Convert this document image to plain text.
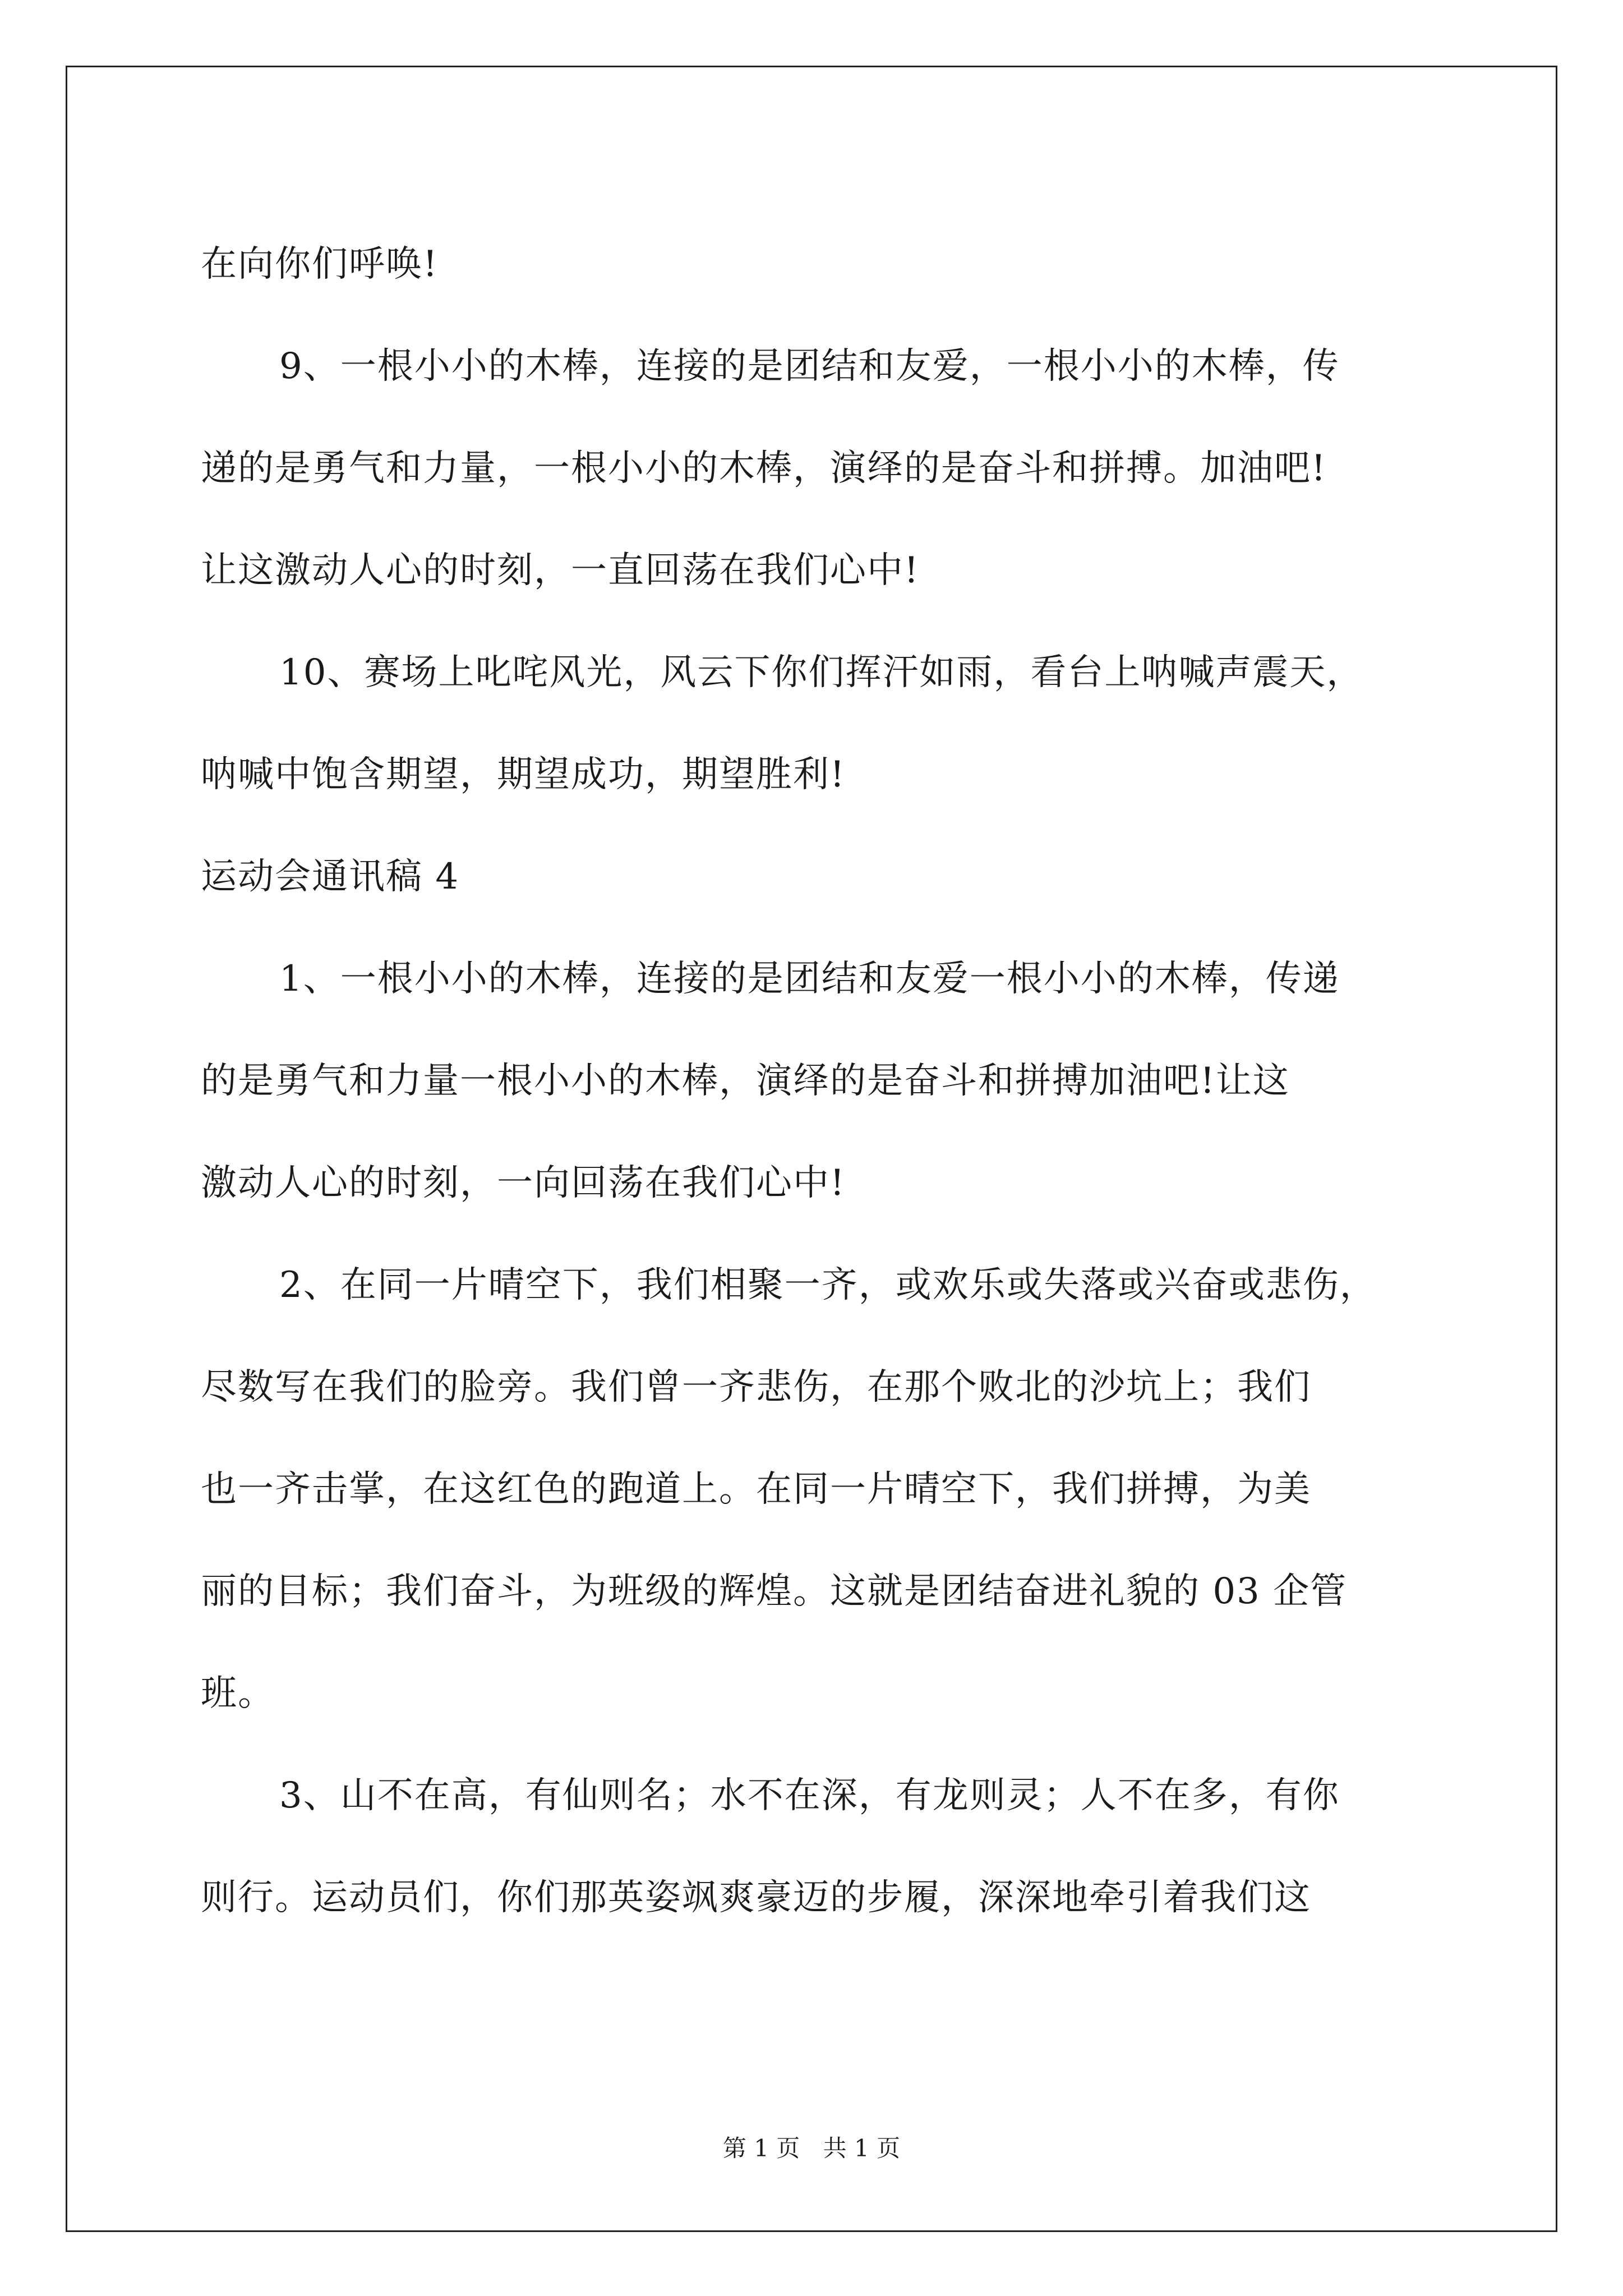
在向你们呼唤!
9、一根小小的木棒，连接的是团结和友爱，一根小小的木棒，传
递的是勇气和力量，一根小小的木棒，演绎的是奋斗和拼搏。加油吧!
让这激动人心的时刻，一直回荡在我们心中!
10、赛场上叱咤风光，风云下你们挥汗如雨，看台上呐喊声震天，
呐喊中饱含期望，期望成功，期望胜利!
运动会通讯稿 4
1、一根小小的木棒，连接的是团结和友爱一根小小的木棒，传递
的是勇气和力量一根小小的木棒，演绎的是奋斗和拼搏加油吧!让这
激动人心的时刻，一向回荡在我们心中!
2、在同一片晴空下，我们相聚一齐，或欢乐或失落或兴奋或悲伤，
尽数写在我们的脸旁。我们曾一齐悲伤，在那个败北的沙坑上；我们
也一齐击掌，在这红色的跑道上。在同一片晴空下，我们拼搏，为美
丽的目标；我们奋斗，为班级的辉煌。这就是团结奋进礼貌的 03 企管
班。
3、山不在高，有仙则名；水不在深，有龙则灵；人不在多，有你
则行。运动员们，你们那英姿飒爽豪迈的步履，深深地牵引着我们这
第 1 页 共 1 页
